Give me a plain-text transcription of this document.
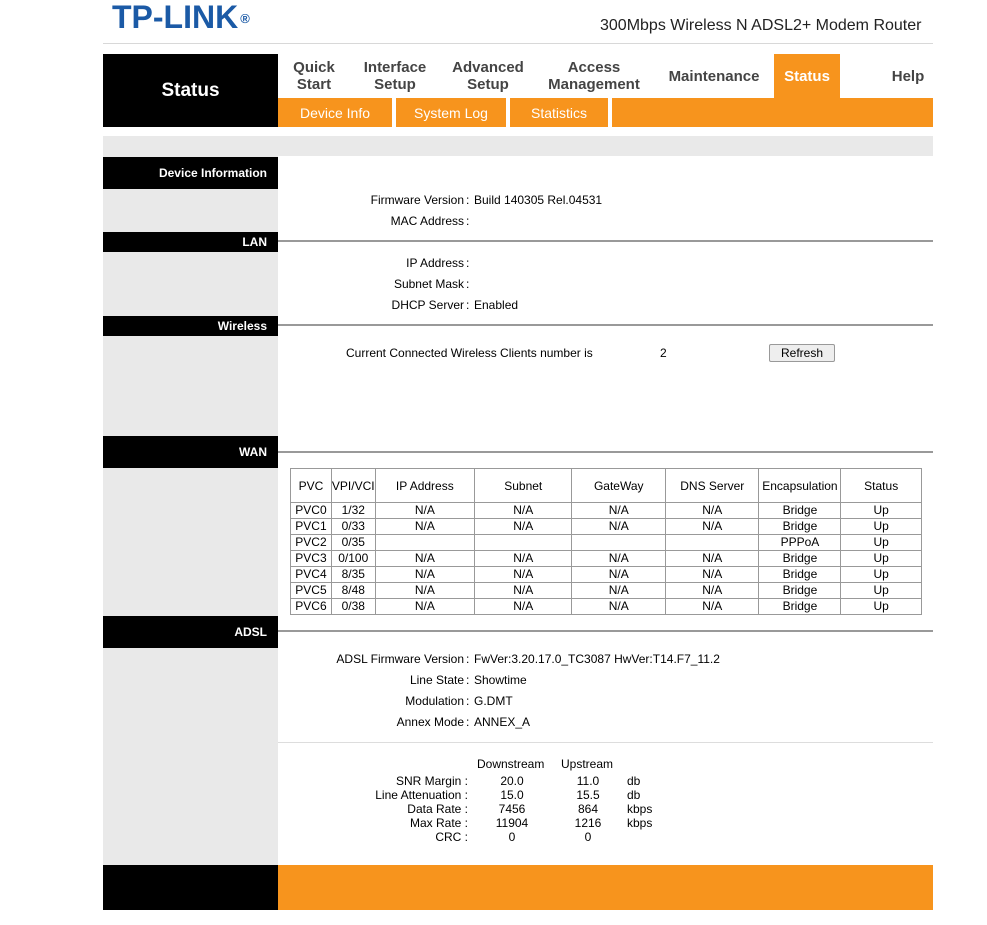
TP-LINK ®	300Mbps Wireless N ADSL2+ Modem Router
Status
Quick
Start
Interface
Setup
Advanced
Setup
Access
Management Maintenance Status	Help
Device Info	System Log	Statistics
Device Information
Firmware Version : Build 140305 Rel.04531
MAC Address :
LAN
IP Address :
Subnet Mask :
DHCP Server : Enabled
Wireless
Current Connected Wireless Clients number is	2	Refresh
WAN
PVC	VPI/VCI	IP Address	Subnet	GateWay	DNS Server	Encapsulation	Status
PVC0	1/32	N/A	N/A	N/A	N/A	Bridge	Up
PVC1	0/33	N/A	N/A	N/A	N/A	Bridge	Up
PVC2	0/35					PPPoA	Up
PVC3	0/100	N/A	N/A	N/A	N/A	Bridge	Up
PVC4	8/35	N/A	N/A	N/A	N/A	Bridge	Up
PVC5	8/48	N/A	N/A	N/A	N/A	Bridge	Up
PVC6	0/38	N/A	N/A	N/A	N/A	Bridge	Up
ADSL
ADSL Firmware Version : FwVer:3.20.17.0_TC3087 HwVer:T14.F7_11.2
Line State : Showtime
Modulation : G.DMT
Annex Mode : ANNEX_A
Downstream Upstream
SNR Margin :	20.0	11.0	db
Line Attenuation :	15.0	15.5	db
Data Rate :	7456	864	kbps
Max Rate :	11904	1216	kbps
CRC :	0	0
